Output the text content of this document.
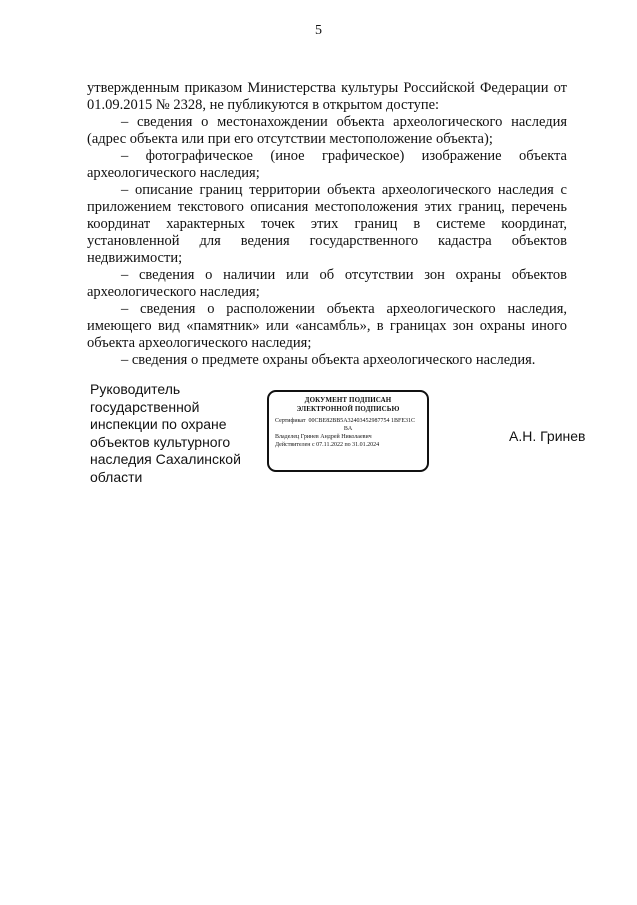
5

утвержденным приказом Министерства культуры Российской Федерации от 01.09.2015 № 2328, не публикуются в открытом доступе:

– сведения о местонахождении объекта археологического наследия (адрес объекта или при его отсутствии местоположение объекта);

– фотографическое (иное графическое) изображение объекта археологического наследия;

– описание границ территории объекта археологического наследия с приложением текстового описания местоположения этих границ, перечень координат характерных точек этих границ в системе координат, установленной для ведения государственного кадастра объектов недвижимости;

– сведения о наличии или об отсутствии зон охраны объектов археологического наследия;

– сведения о расположении объекта археологического наследия, имеющего вид «памятник» или «ансамбль», в границах зон охраны иного объекта археологического наследия;

– сведения о предмете охраны объекта археологического наследия.

Руководитель
государственной
инспекции по охране
объектов культурного
наследия Сахалинской
области
ДОКУМЕНТ ПОДПИСАН
ЭЛЕКТРОННОЙ ПОДПИСЬЮ
Сертификат 00CBE82BB5A32403452987754 1BFE31C
BA
Владелец Гринев Андрей Николаевич
Действителен с 07.11.2022 по 31.01.2024
А.Н. Гринев
